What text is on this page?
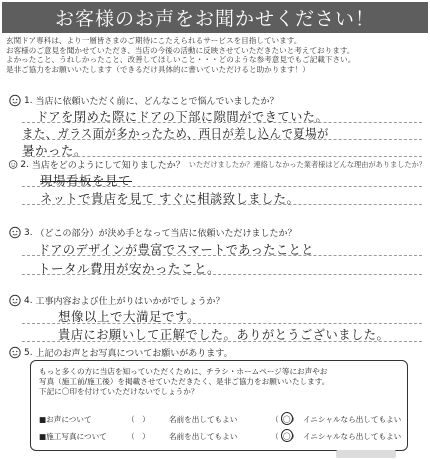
お客様のお声をお聞かせください！
玄関ドア専科は、より一層皆さまのご期待にこたえられるサービスを目指しています。
お客様のご意見を聞かせていただき、当店の今後の活動に反映させていただきたいと考えております。
よかったこと、うれしかったこと、改善してほしいこと・・・どのような参考意見でもご記載下さい。
是非ご協力をお願いいたします（できるだけ具体的に書いていただけると助かります！）
1 . 当店に依頼いただく前に、どんなことで悩んでいましたか？
ドアを閉めた際にドアの下部に隙間ができていた。
また、ガラス面が多かったため、西日が差し込んで夏場が
暑かった。
2 . 当店をどのようにして知りましたか？ いただけましたか？連絡しなかった業者様はどんな理由がありましたか？
現場看板を見て
ネットで貴店を見て すぐに相談致しました。
3 . （どこの部分）が決め手となって当店に依頼いただけましたか？
ドアのデザインが豊富でスマートであったことと
トータル費用が安かったこと。
4 . 工事内容および仕上がりはいかがでしょうか？
想像以上で大満足です。
貴店にお願いして正解でした。ありがとうございました。
5 . 上記のお声とお写真についてお願いがあります。
もっと多くの方に当店を知っていただくために、チラシ・ホームページ等にお声やお
写真（施工前/施工後）を掲載させていただきたく、是非ご協力をお願いいたします。
下記に〇印を付けていただけないでしょうか？
■お声について	（　）	名前を出してもよい	（ 〇 ） イニシャルなら出してもよい
■施工写真について	（　）	名前を出してもよい	（ 〇 ） イニシャルなら出してもよい
